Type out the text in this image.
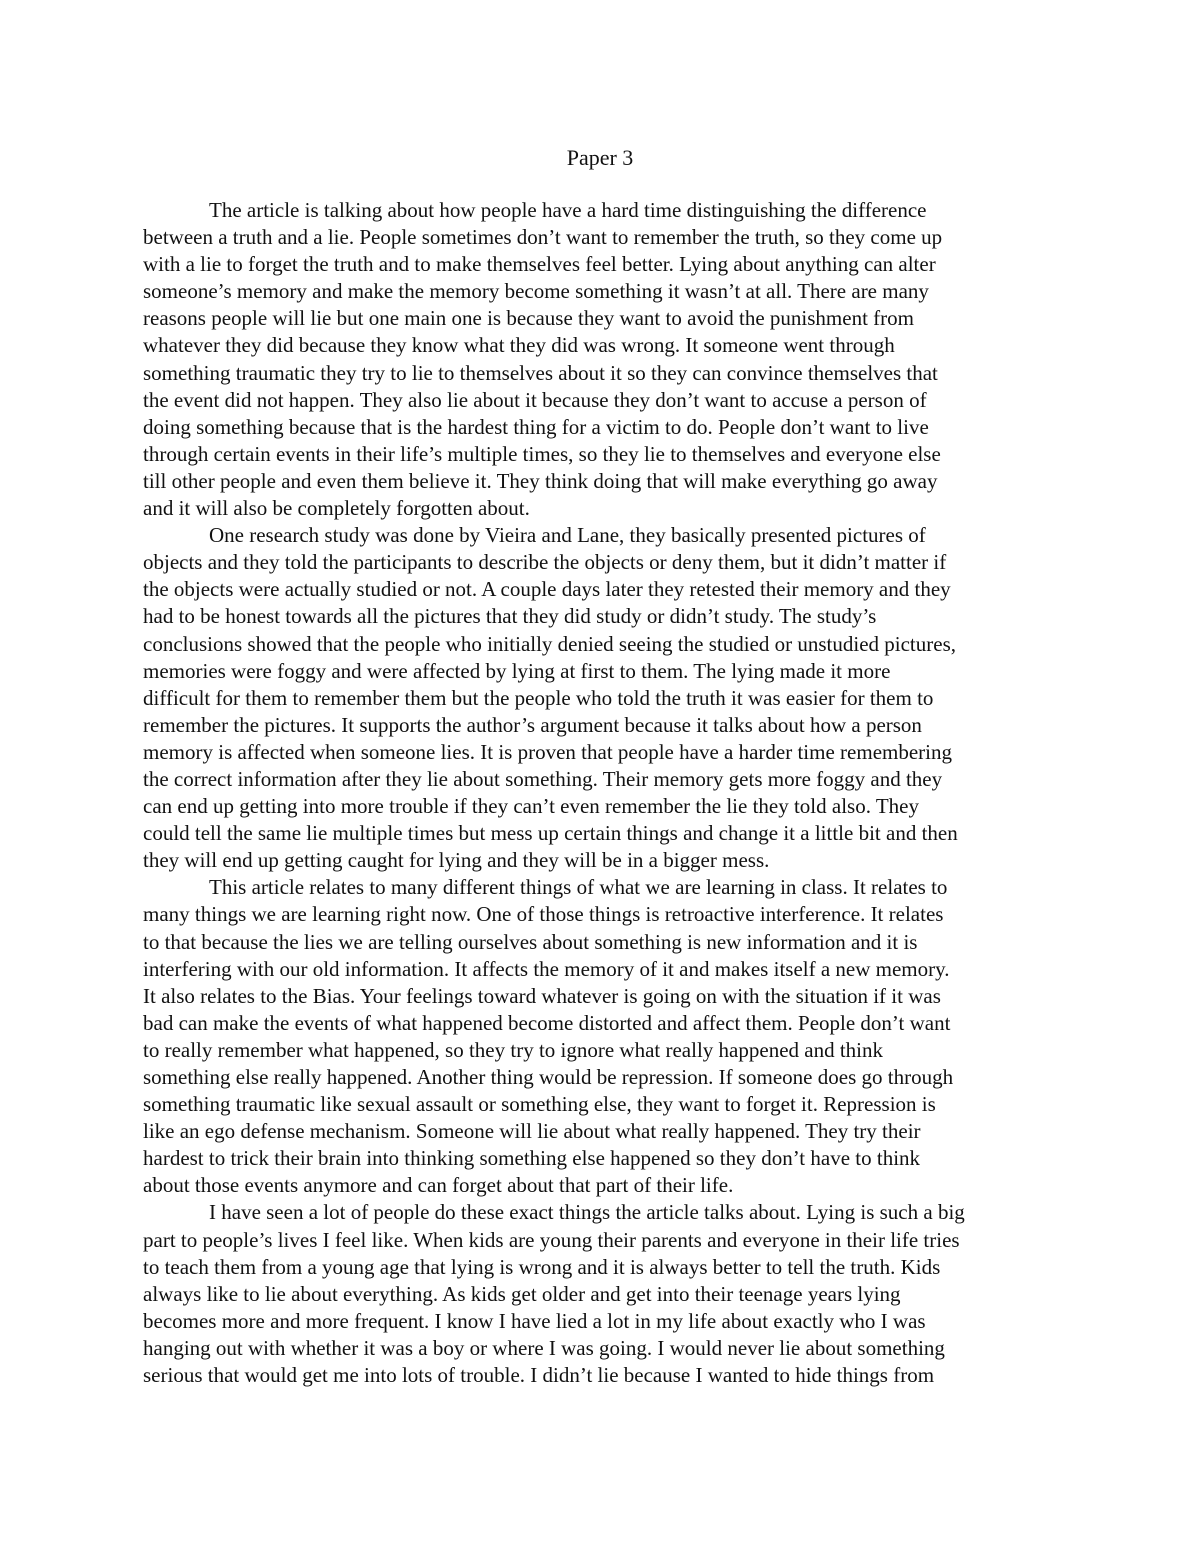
Paper 3
The article is talking about how people have a hard time distinguishing the difference
between a truth and a lie. People sometimes don’t want to remember the truth, so they come up
with a lie to forget the truth and to make themselves feel better. Lying about anything can alter
someone’s memory and make the memory become something it wasn’t at all. There are many
reasons people will lie but one main one is because they want to avoid the punishment from
whatever they did because they know what they did was wrong. It someone went through
something traumatic they try to lie to themselves about it so they can convince themselves that
the event did not happen. They also lie about it because they don’t want to accuse a person of
doing something because that is the hardest thing for a victim to do. People don’t want to live
through certain events in their life’s multiple times, so they lie to themselves and everyone else
till other people and even them believe it. They think doing that will make everything go away
and it will also be completely forgotten about.
One research study was done by Vieira and Lane, they basically presented pictures of
objects and they told the participants to describe the objects or deny them, but it didn’t matter if
the objects were actually studied or not. A couple days later they retested their memory and they
had to be honest towards all the pictures that they did study or didn’t study. The study’s
conclusions showed that the people who initially denied seeing the studied or unstudied pictures,
memories were foggy and were affected by lying at first to them. The lying made it more
difficult for them to remember them but the people who told the truth it was easier for them to
remember the pictures. It supports the author’s argument because it talks about how a person
memory is affected when someone lies. It is proven that people have a harder time remembering
the correct information after they lie about something. Their memory gets more foggy and they
can end up getting into more trouble if they can’t even remember the lie they told also. They
could tell the same lie multiple times but mess up certain things and change it a little bit and then
they will end up getting caught for lying and they will be in a bigger mess.
This article relates to many different things of what we are learning in class. It relates to
many things we are learning right now. One of those things is retroactive interference. It relates
to that because the lies we are telling ourselves about something is new information and it is
interfering with our old information. It affects the memory of it and makes itself a new memory.
It also relates to the Bias. Your feelings toward whatever is going on with the situation if it was
bad can make the events of what happened become distorted and affect them. People don’t want
to really remember what happened, so they try to ignore what really happened and think
something else really happened. Another thing would be repression. If someone does go through
something traumatic like sexual assault or something else, they want to forget it. Repression is
like an ego defense mechanism. Someone will lie about what really happened. They try their
hardest to trick their brain into thinking something else happened so they don’t have to think
about those events anymore and can forget about that part of their life.
I have seen a lot of people do these exact things the article talks about. Lying is such a big
part to people’s lives I feel like. When kids are young their parents and everyone in their life tries
to teach them from a young age that lying is wrong and it is always better to tell the truth. Kids
always like to lie about everything. As kids get older and get into their teenage years lying
becomes more and more frequent. I know I have lied a lot in my life about exactly who I was
hanging out with whether it was a boy or where I was going. I would never lie about something
serious that would get me into lots of trouble. I didn’t lie because I wanted to hide things from
